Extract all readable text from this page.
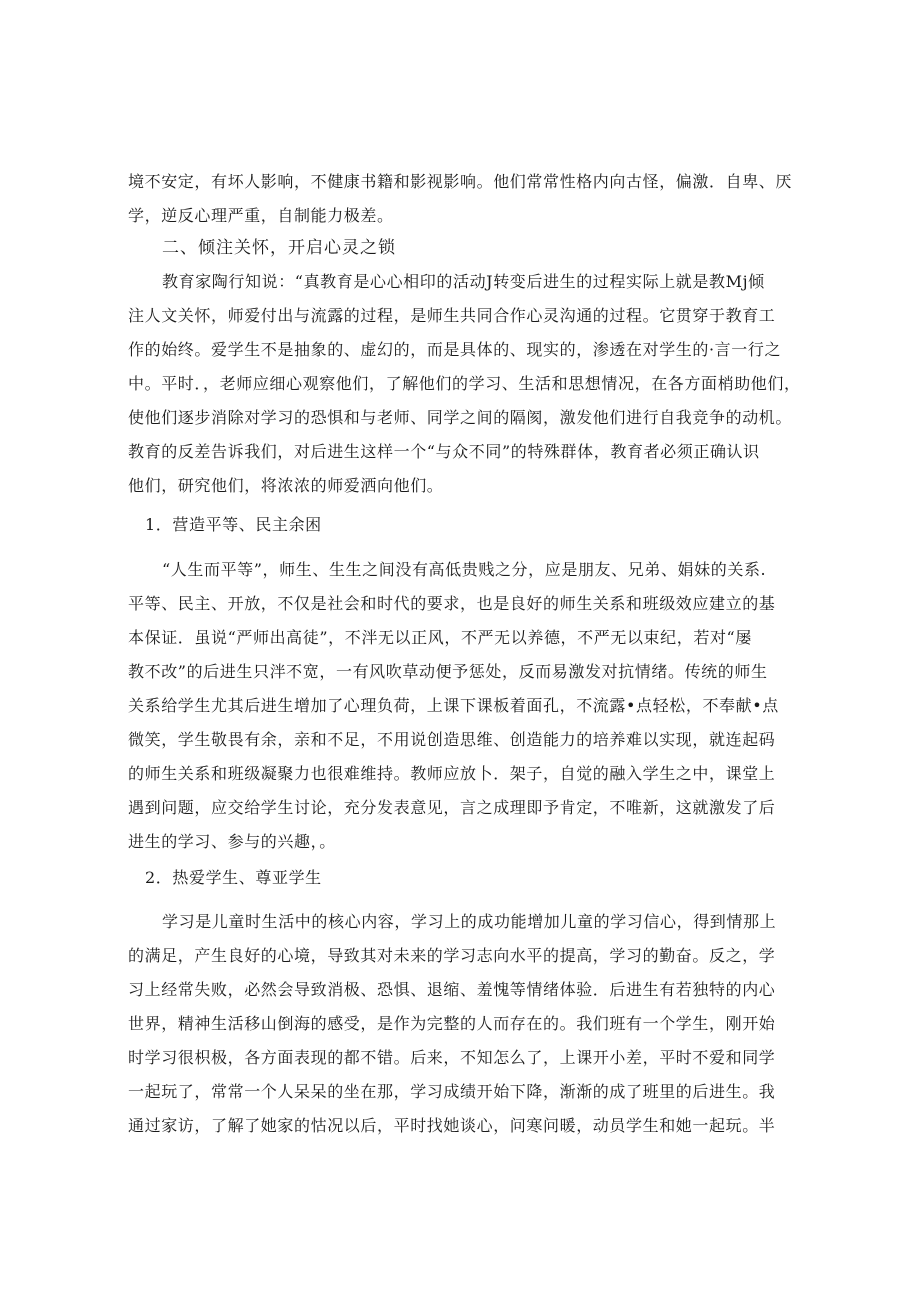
境不安定，有坏人影响，不健康书籍和影视影响。他们常常性格内向古怪，偏激．自卑、厌
学，逆反心理严重，自制能力极差。
二、倾注关怀，开启心灵之锁
教育家陶行知说：“真教育是心心相印的活动J转变后进生的过程实际上就是教Mj倾
注人文关怀，师爱付出与流露的过程，是师生共同合作心灵沟通的过程。它贯穿于教育工
作的始终。爱学生不是抽象的、虚幻的，而是具体的、现实的，渗透在对学生的·言一行之
中。平时．，老师应细心观察他们，了解他们的学习、生活和思想情况，在各方面梢助他们，
使他们逐步消除对学习的恐惧和与老师、同学之间的隔阂，激发他们进行自我竞争的动机。
教育的反差告诉我们，对后进生这样一个“与众不同”的特殊群体，教育者必须正确认识
他们，研究他们，将浓浓的师爱洒向他们。
1．营造平等、民主余困
“人生而平等”，师生、生生之间没有高低贵贱之分，应是朋友、兄弟、娟妹的关系.
平等、民主、开放，不仅是社会和时代的要求，也是良好的师生关系和班级效应建立的基
本保证．虽说“严师出高徒”，不泮无以正风，不严无以养德，不严无以束纪，若对“屡
教不改”的后进生只泮不宽，一有风吹草动便予惩处，反而易激发对抗情绪。传统的师生
关系给学生尤其后进生增加了心理负荷，上课下课板着面孔，不流露•点轻松，不奉献•点
微笑，学生敬畏有余，亲和不足，不用说创造思维、创造能力的培养难以实现，就连起码
的师生关系和班级凝聚力也很难维持。教师应放卜．架子，自觉的融入学生之中，课堂上
遇到问题，应交给学生讨论，充分发表意见，言之成理即予肯定，不唯新，这就激发了后
进生的学习、参与的兴趣，。
2．热爱学生、尊亚学生
学习是儿童时生活中的核心内容，学习上的成功能增加儿童的学习信心，得到情那上
的满足，产生良好的心境，导致其对未来的学习志向水平的提高，学习的勤奋。反之，学
习上经常失败，必然会导致消极、恐惧、退缩、羞愧等情绪体验．后进生有若独特的内心
世界，精神生活移山倒海的感受，是作为完整的人而存在的。我们班有一个学生，刚开始
时学习很枳极，各方面表现的都不错。后来，不知怎么了，上课开小差，平时不爱和同学
一起玩了，常常一个人呆呆的坐在那，学习成绩开始下降，渐渐的成了班里的后进生。我
通过家访，了解了她家的怙况以后，平时找她谈心，问寒问暖，动员学生和她一起玩。半
